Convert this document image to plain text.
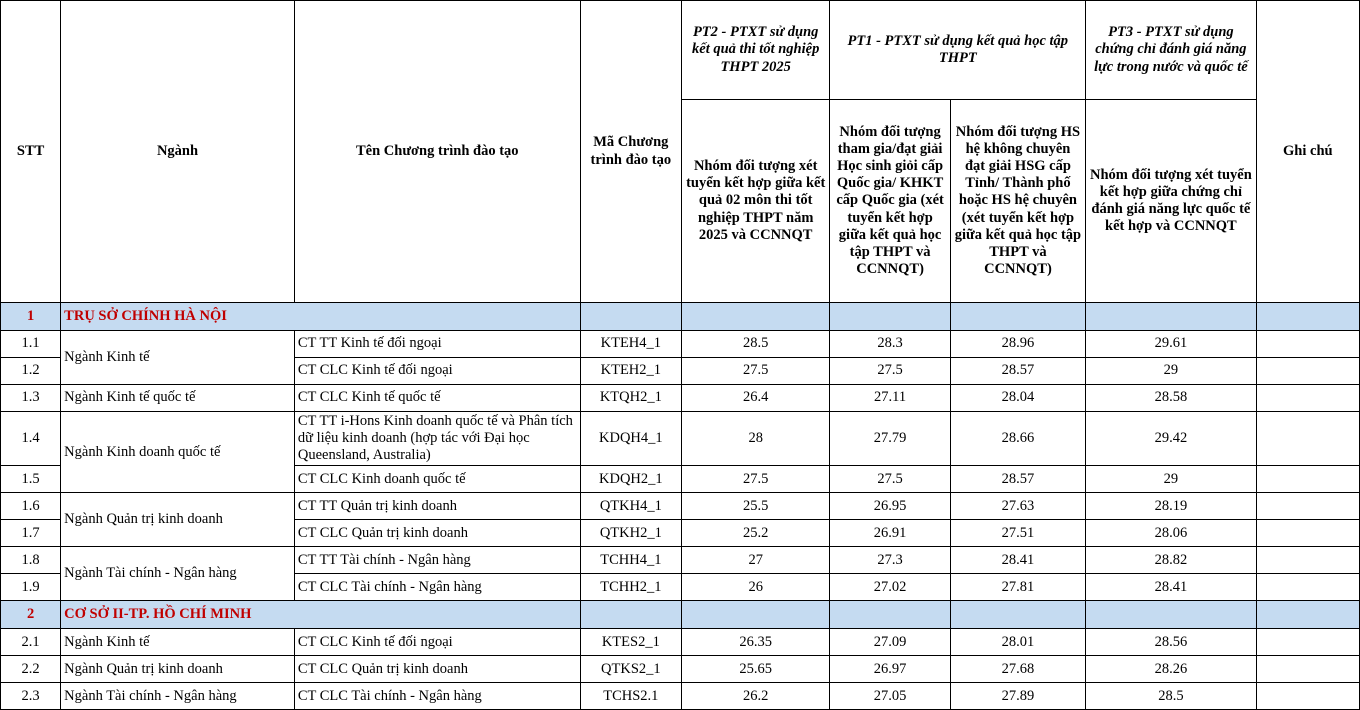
STT	Ngành	Tên Chương trình đào tạo	Mã Chương trình đào tạo	PT2 - PTXT sử dụng kết quả thi tốt nghiệp THPT 2025	PT1 - PTXT sử dụng kết quả học tập THPT		PT3 - PTXT sử dụng chứng chỉ đánh giá năng lực trong nước và quốc tế	Ghi chú
				Nhóm đối tượng xét tuyển kết hợp giữa kết quả 02 môn thi tốt nghiệp THPT năm 2025 và CCNNQT	Nhóm đối tượng tham gia/đạt giải Học sinh giỏi cấp Quốc gia/ KHKT cấp Quốc gia (xét tuyển kết hợp giữa kết quả học tập THPT và CCNNQT)	Nhóm đối tượng HS hệ không chuyên đạt giải HSG cấp Tỉnh/ Thành phố hoặc HS hệ chuyên (xét tuyển kết hợp giữa kết quả học tập THPT và CCNNQT)	Nhóm đối tượng xét tuyển kết hợp giữa chứng chỉ đánh giá năng lực quốc tế kết hợp và CCNNQT	
1	TRỤ SỞ CHÍNH HÀ NỘI							
1.1	Ngành Kinh tế	CT TT Kinh tế đối ngoại	KTEH4_1	28.5	28.3	28.96	29.61	
1.2		CT CLC Kinh tế đối ngoại	KTEH2_1	27.5	27.5	28.57	29	
1.3	Ngành Kinh tế quốc tế	CT CLC Kinh tế quốc tế	KTQH2_1	26.4	27.11	28.04	28.58	
1.4	Ngành Kinh doanh quốc tế	CT TT i-Hons Kinh doanh quốc tế và Phân tích dữ liệu kinh doanh (hợp tác với Đại học Queensland, Australia)	KDQH4_1	28	27.79	28.66	29.42	
1.5		CT CLC Kinh doanh quốc tế	KDQH2_1	27.5	27.5	28.57	29	
1.6	Ngành Quản trị kinh doanh	CT TT Quản trị kinh doanh	QTKH4_1	25.5	26.95	27.63	28.19	
1.7		CT CLC Quản trị kinh doanh	QTKH2_1	25.2	26.91	27.51	28.06	
1.8	Ngành Tài chính - Ngân hàng	CT TT Tài chính - Ngân hàng	TCHH4_1	27	27.3	28.41	28.82	
1.9		CT CLC Tài chính - Ngân hàng	TCHH2_1	26	27.02	27.81	28.41	
2	CƠ SỞ II-TP. HỒ CHÍ MINH							
2.1	Ngành Kinh tế	CT CLC Kinh tế đối ngoại	KTES2_1	26.35	27.09	28.01	28.56	
2.2	Ngành Quản trị kinh doanh	CT CLC Quản trị kinh doanh	QTKS2_1	25.65	26.97	27.68	28.26	
2.3	Ngành Tài chính - Ngân hàng	CT CLC Tài chính - Ngân hàng	TCHS2.1	26.2	27.05	27.89	28.5	
